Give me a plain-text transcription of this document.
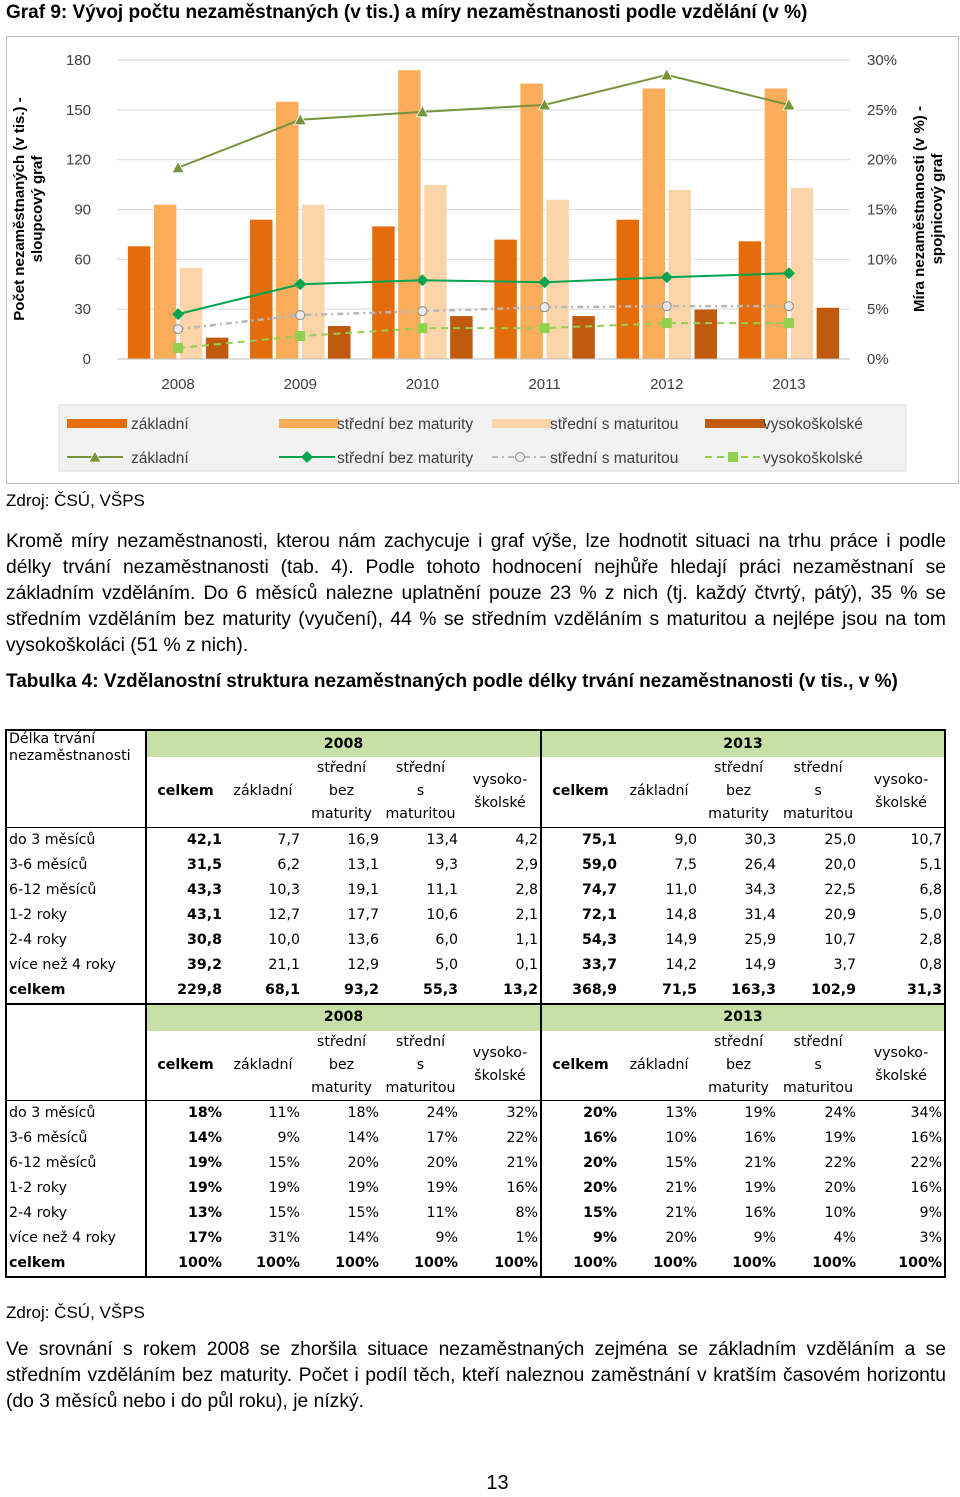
Graf 9: Vývoj počtu nezaměstnaných (v tis.) a míry nezaměstnanosti podle vzdělání (v %)
0
30
60
90
120
150
180
0%
5%
10%
15%
20%
25%
30%
Počet nezaměstnaných (v tis.) -sloupcový graf	Míra nezaměstnanosti (v %) -spojnicový graf
2008	2009	2010	2011	2012	2013
základní	střední bez maturity	střední s maturitou	vysokoškolské
základní	střední bez maturity	střední s maturitou	vysokoškolské
Zdroj: ČSÚ, VŠPS
Kromě míry nezaměstnanosti, kterou nám zachycuje i graf výše, lze hodnotit situaci na trhu práce i podle délky trvání nezaměstnanosti (tab. 4). Podle tohoto hodnocení nejhůře hledají práci nezaměstnaní se základním vzděláním. Do 6 měsíců nalezne uplatnění pouze 23 % z nich (tj. každý čtvrtý, pátý), 35 % se středním vzděláním bez maturity (vyučení), 44 % se středním vzděláním s maturitou a nejlépe jsou na tom vysokoškoláci (51 % z nich).
Tabulka 4: Vzdělanostní struktura nezaměstnaných podle délky trvání nezaměstnanosti (v tis., v %)
Délka trvání
nezaměstnanosti	2008					2013				
	celkem	základní	střední
bez
maturity	střední
s
maturitou	vysoko-
školské	celkem	základní	střední
bez
maturity	střední
s
maturitou	vysoko-
školské
do 3 měsíců	42,1	7,7	16,9	13,4	4,2	75,1	9,0	30,3	25,0	10,7
3-6 měsíců	31,5	6,2	13,1	9,3	2,9	59,0	7,5	26,4	20,0	5,1
6-12 měsíců	43,3	10,3	19,1	11,1	2,8	74,7	11,0	34,3	22,5	6,8
1-2 roky	43,1	12,7	17,7	10,6	2,1	72,1	14,8	31,4	20,9	5,0
2-4 roky	30,8	10,0	13,6	6,0	1,1	54,3	14,9	25,9	10,7	2,8
více než 4 roky	39,2	21,1	12,9	5,0	0,1	33,7	14,2	14,9	3,7	0,8
celkem	229,8	68,1	93,2	55,3	13,2	368,9	71,5	163,3	102,9	31,3
	2008					2013				
	celkem	základní	střední
bez
maturity	střední
s
maturitou	vysoko-
školské	celkem	základní	střední
bez
maturity	střední
s
maturitou	vysoko-
školské
do 3 měsíců	18%	11%	18%	24%	32%	20%	13%	19%	24%	34%
3-6 měsíců	14%	9%	14%	17%	22%	16%	10%	16%	19%	16%
6-12 měsíců	19%	15%	20%	20%	21%	20%	15%	21%	22%	22%
1-2 roky	19%	19%	19%	19%	16%	20%	21%	19%	20%	16%
2-4 roky	13%	15%	15%	11%	8%	15%	21%	16%	10%	9%
více než 4 roky	17%	31%	14%	9%	1%	9%	20%	9%	4%	3%
celkem	100%	100%	100%	100%	100%	100%	100%	100%	100%	100%
Zdroj: ČSÚ, VŠPS
Ve srovnání s rokem 2008 se zhoršila situace nezaměstnaných zejména se základním vzděláním a se středním vzděláním bez maturity. Počet i podíl těch, kteří naleznou zaměstnání v kratším časovém horizontu (do 3 měsíců nebo i do půl roku), je nízký.
13
